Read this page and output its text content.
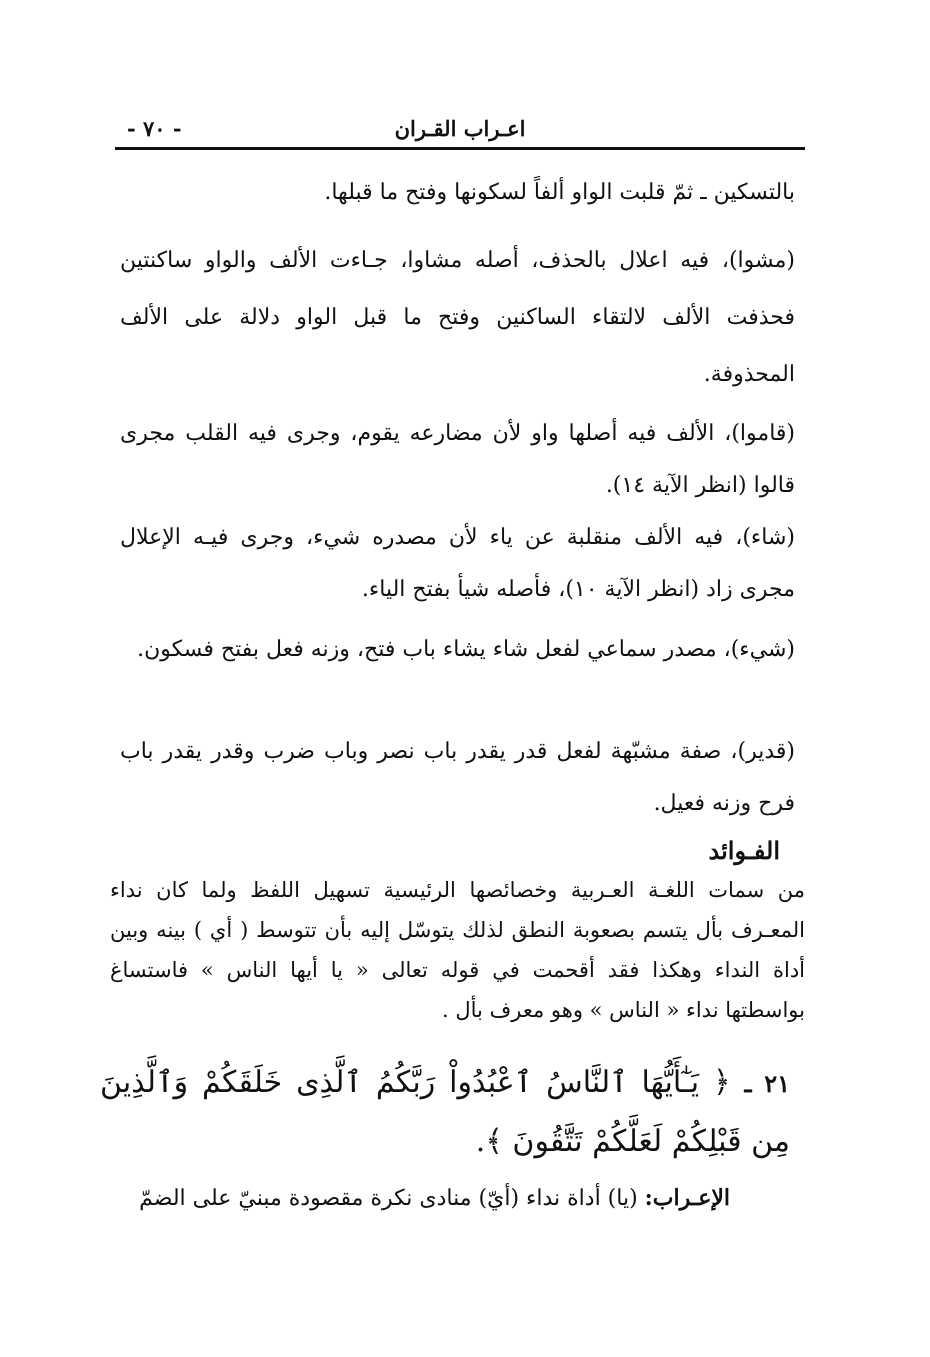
- ٧٠ -	اعـراب القـران

بالتسكين ـ ثمّ قلبت الواو ألفاً لسكونها وفتح ما قبلها.

(مشوا)، فيه اعلال بالحذف، أصله مشاوا، جـاءت الألف والواو ساكنتين فحذفت الألف لالتقاء الساكنين وفتح ما قبل الواو دلالة على الألف المحذوفة.

(قاموا)، الألف فيه أصلها واو لأن مضارعه يقوم، وجرى فيه القلب مجرى قالوا (انظر الآية ١٤).

(شاء)، فيه الألف منقلبة عن ياء لأن مصدره شيء، وجرى فيـه الإعلال مجرى زاد (انظر الآية ١٠)، فأصله شيأ بفتح الياء.

(شيء)، مصدر سماعي لفعل شاء يشاء باب فتح، وزنه فعل بفتح فسكون.

(قدير)، صفة مشبّهة لفعل قدر يقدر باب نصر وباب ضرب وقدر يقدر باب فرح وزنه فعيل.

الفـوائد

من سمات اللغـة العـربية وخصائصها الرئيسية تسهيل اللفظ ولما كان نداء المعـرف بأل يتسم بصعوبة النطق لذلك يتوسّل إليه بأن تتوسط ( أي ) بينه وبين أداة النداء وهكذا فقد أقحمت في قوله تعالى « يا أيها الناس » فاستساغ بواسطتها نداء « الناس » وهو معرف بأل .

٢١ ـ ﴿ يَـٰٓأَيُّهَا ٱلنَّاسُ ٱعْبُدُواْ رَبَّكُمُ ٱلَّذِى خَلَقَكُمْ وَٱلَّذِينَ مِن قَبْلِكُمْ لَعَلَّكُمْ تَتَّقُونَ ﴾.

الإعـراب: (يا) أداة نداء (أيّ) منادى نكرة مقصودة مبنيّ على الضمّ
